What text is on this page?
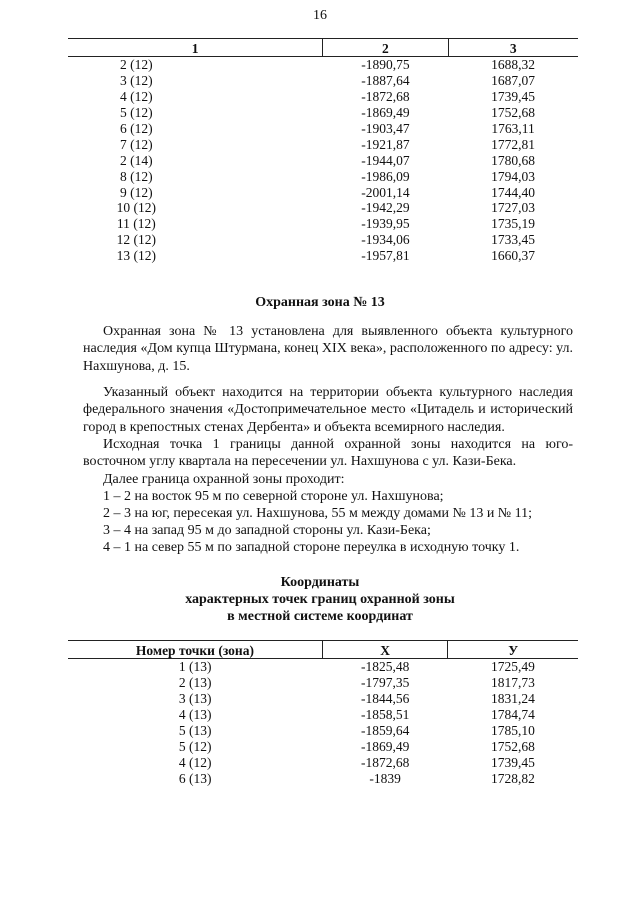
16
1	2	3
2 (12)	-1890,75	1688,32
3 (12)	-1887,64	1687,07
4 (12)	-1872,68	1739,45
5 (12)	-1869,49	1752,68
6 (12)	-1903,47	1763,11
7 (12)	-1921,87	1772,81
2 (14)	-1944,07	1780,68
8 (12)	-1986,09	1794,03
9 (12)	-2001,14	1744,40
10 (12)	-1942,29	1727,03
11 (12)	-1939,95	1735,19
12 (12)	-1934,06	1733,45
13 (12)	-1957,81	1660,37
Охранная зона № 13

Охранная зона № 13 установлена для выявленного объекта культурного наследия «Дом купца Штурмана, конец XIX века», расположенного по адресу: ул. Нахшунова, д. 15.

Указанный объект находится на территории объекта культурного наследия федерального значения «Достопримечательное место «Цитадель и исторический город в крепостных стенах Дербента» и объекта всемирного наследия.

Исходная точка 1 границы данной охранной зоны находится на юго-восточном углу квартала на пересечении ул. Нахшунова с ул. Кази-Бека.

Далее граница охранной зоны проходит:

1 – 2 на восток 95 м по северной стороне ул. Нахшунова;

2 – 3 на юг, пересекая ул. Нахшунова, 55 м между домами № 13 и № 11;

3 – 4 на запад 95 м до западной стороны ул. Кази-Бека;

4 – 1 на север 55 м по западной стороне переулка в исходную точку 1.

Координаты
характерных точек границ охранной зоны
в местной системе координат
Номер точки (зона)	X	У
1 (13)	-1825,48	1725,49
2 (13)	-1797,35	1817,73
3 (13)	-1844,56	1831,24
4 (13)	-1858,51	1784,74
5 (13)	-1859,64	1785,10
5 (12)	-1869,49	1752,68
4 (12)	-1872,68	1739,45
6 (13)	-1839	1728,82
